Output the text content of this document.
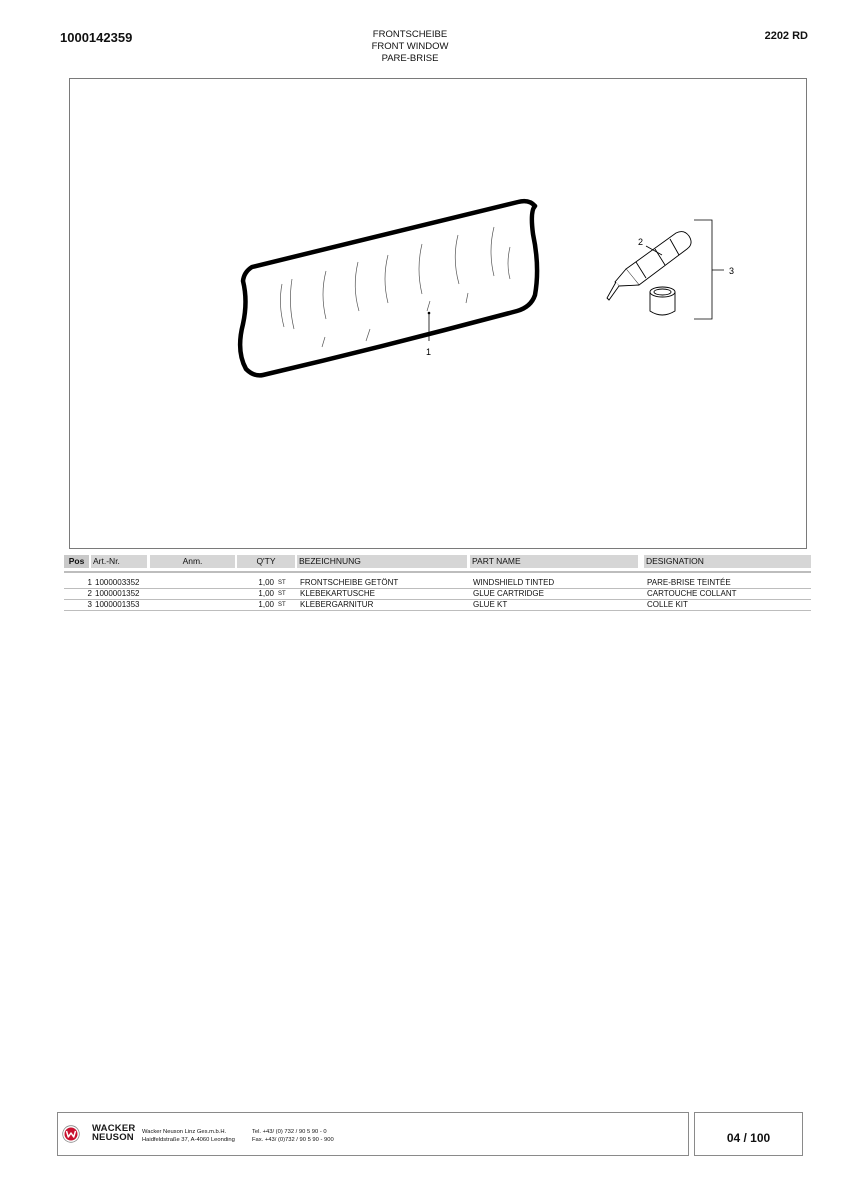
1000142359	FRONTSCHEIBE
FRONT WINDOW
PARE-BRISE
2202 RD
1
2
3
Pos	Art.-Nr.	Anm.	Q'TY	BEZEICHNUNG	PART NAME	DESIGNATION
1 1000003352	1,00 ST FRONTSCHEIBE GETÖNT	WINDSHIELD TINTED	PARE-BRISE TEINTÉE
2 1000001352	1,00 ST KLEBEKARTUSCHE	GLUE CARTRIDGE	CARTOUCHE COLLANT
3 1000001353	1,00 ST KLEBERGARNITUR	GLUE KT	COLLE KIT
WACKER
NEUSON Wacker Neuson Linz Ges.m.b.H.
Haidfeldstraße 37, A-4060 Leonding
Tel. +43/ (0) 732 / 90 5 90 - 0
Fax. +43/ (0)732 / 90 5 90 - 900	04 / 100
